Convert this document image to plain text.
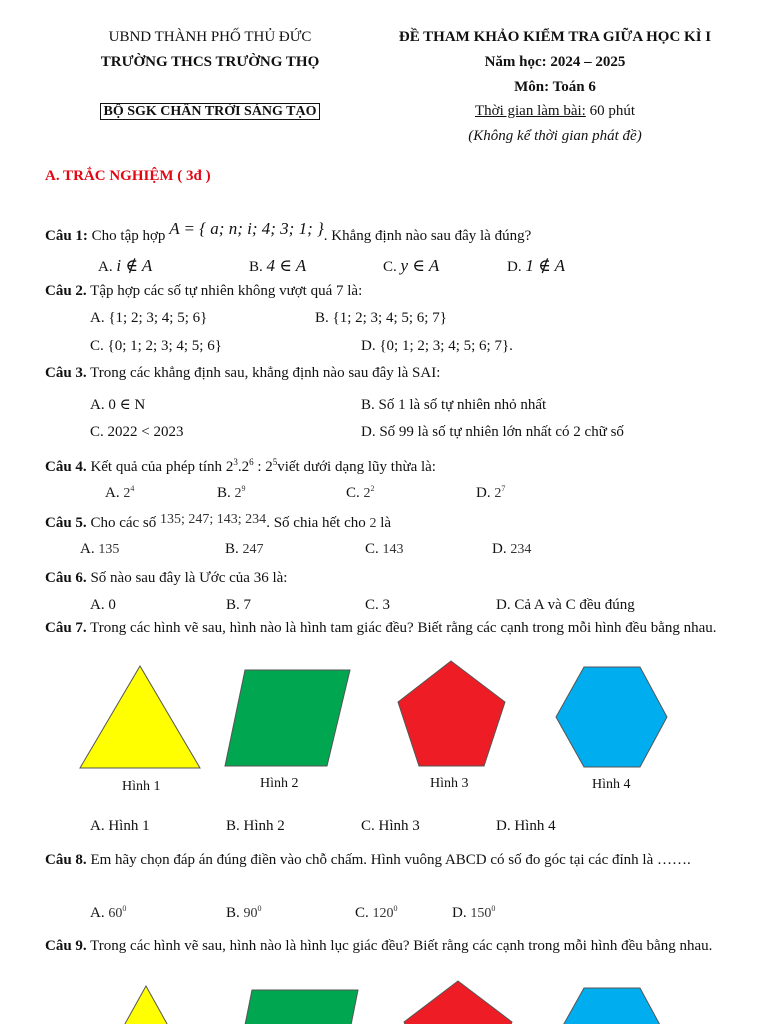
UBND THÀNH PHỐ THỦ ĐỨC
TRƯỜNG THCS TRƯỜNG THỌ
BỘ SGK CHÂN TRỜI SÁNG TẠO
ĐỀ THAM KHẢO KIỂM TRA GIỮA HỌC KÌ I
Năm học: 2024 – 2025
Môn: Toán 6
Thời gian làm bài: 60 phút
(Không kể thời gian phát đề)
A. TRẮC NGHIỆM ( 3đ )
Câu 1: Cho tập hợp A = { a; n; i; 4; 3; 1; }. Khẳng định nào sau đây là đúng?
A. i ∉ A	B. 4 ∈ A	C. y ∈ A	D. 1 ∉ A
Câu 2. Tập hợp các số tự nhiên không vượt quá 7 là:
A. {1; 2; 3; 4; 5; 6}	B. {1; 2; 3; 4; 5; 6; 7}
C. {0; 1; 2; 3; 4; 5; 6}	D. {0; 1; 2; 3; 4; 5; 6; 7}.
Câu 3. Trong các khẳng định sau, khẳng định nào sau đây là SAI:
A. 0 ∈ N	B. Số 1 là số tự nhiên nhỏ nhất
C. 2022 < 2023	D. Số 99 là số tự nhiên lớn nhất có 2 chữ số
Câu 4. Kết quả của phép tính $2^3.2^6$ : $2^5viết$ dưới dạng lũy thừa là:
A. $2^4$	B. $2^9$	C. $2^2$	D. $2^7$
Câu 5. Cho các số 135; 247; 143; 234. Số chia hết cho 2 là
A. 135	B. 247	C. 143	D. 234
Câu 6. Số nào sau đây là Ước của 36 là:
A. 0	B. 7	C. 3	D. Cả A và C đều đúng
Câu 7. Trong các hình vẽ sau, hình nào là hình tam giác đều? Biết rằng các cạnh trong mỗi hình đều bằng nhau.
Hình 1	Hình 2	Hình 3	Hình 4
A. Hình 1	B. Hình 2	C. Hình 3	D. Hình 4
Câu 8. Em hãy chọn đáp án đúng điền vào chỗ chấm. Hình vuông ABCD có số đo góc tại các đỉnh là …….
A. $60^0$	B. $90^0$	C. $120^0$	D. $150^0$
Câu 9. Trong các hình vẽ sau, hình nào là hình lục giác đều? Biết rằng các cạnh trong mỗi hình đều bằng nhau.
